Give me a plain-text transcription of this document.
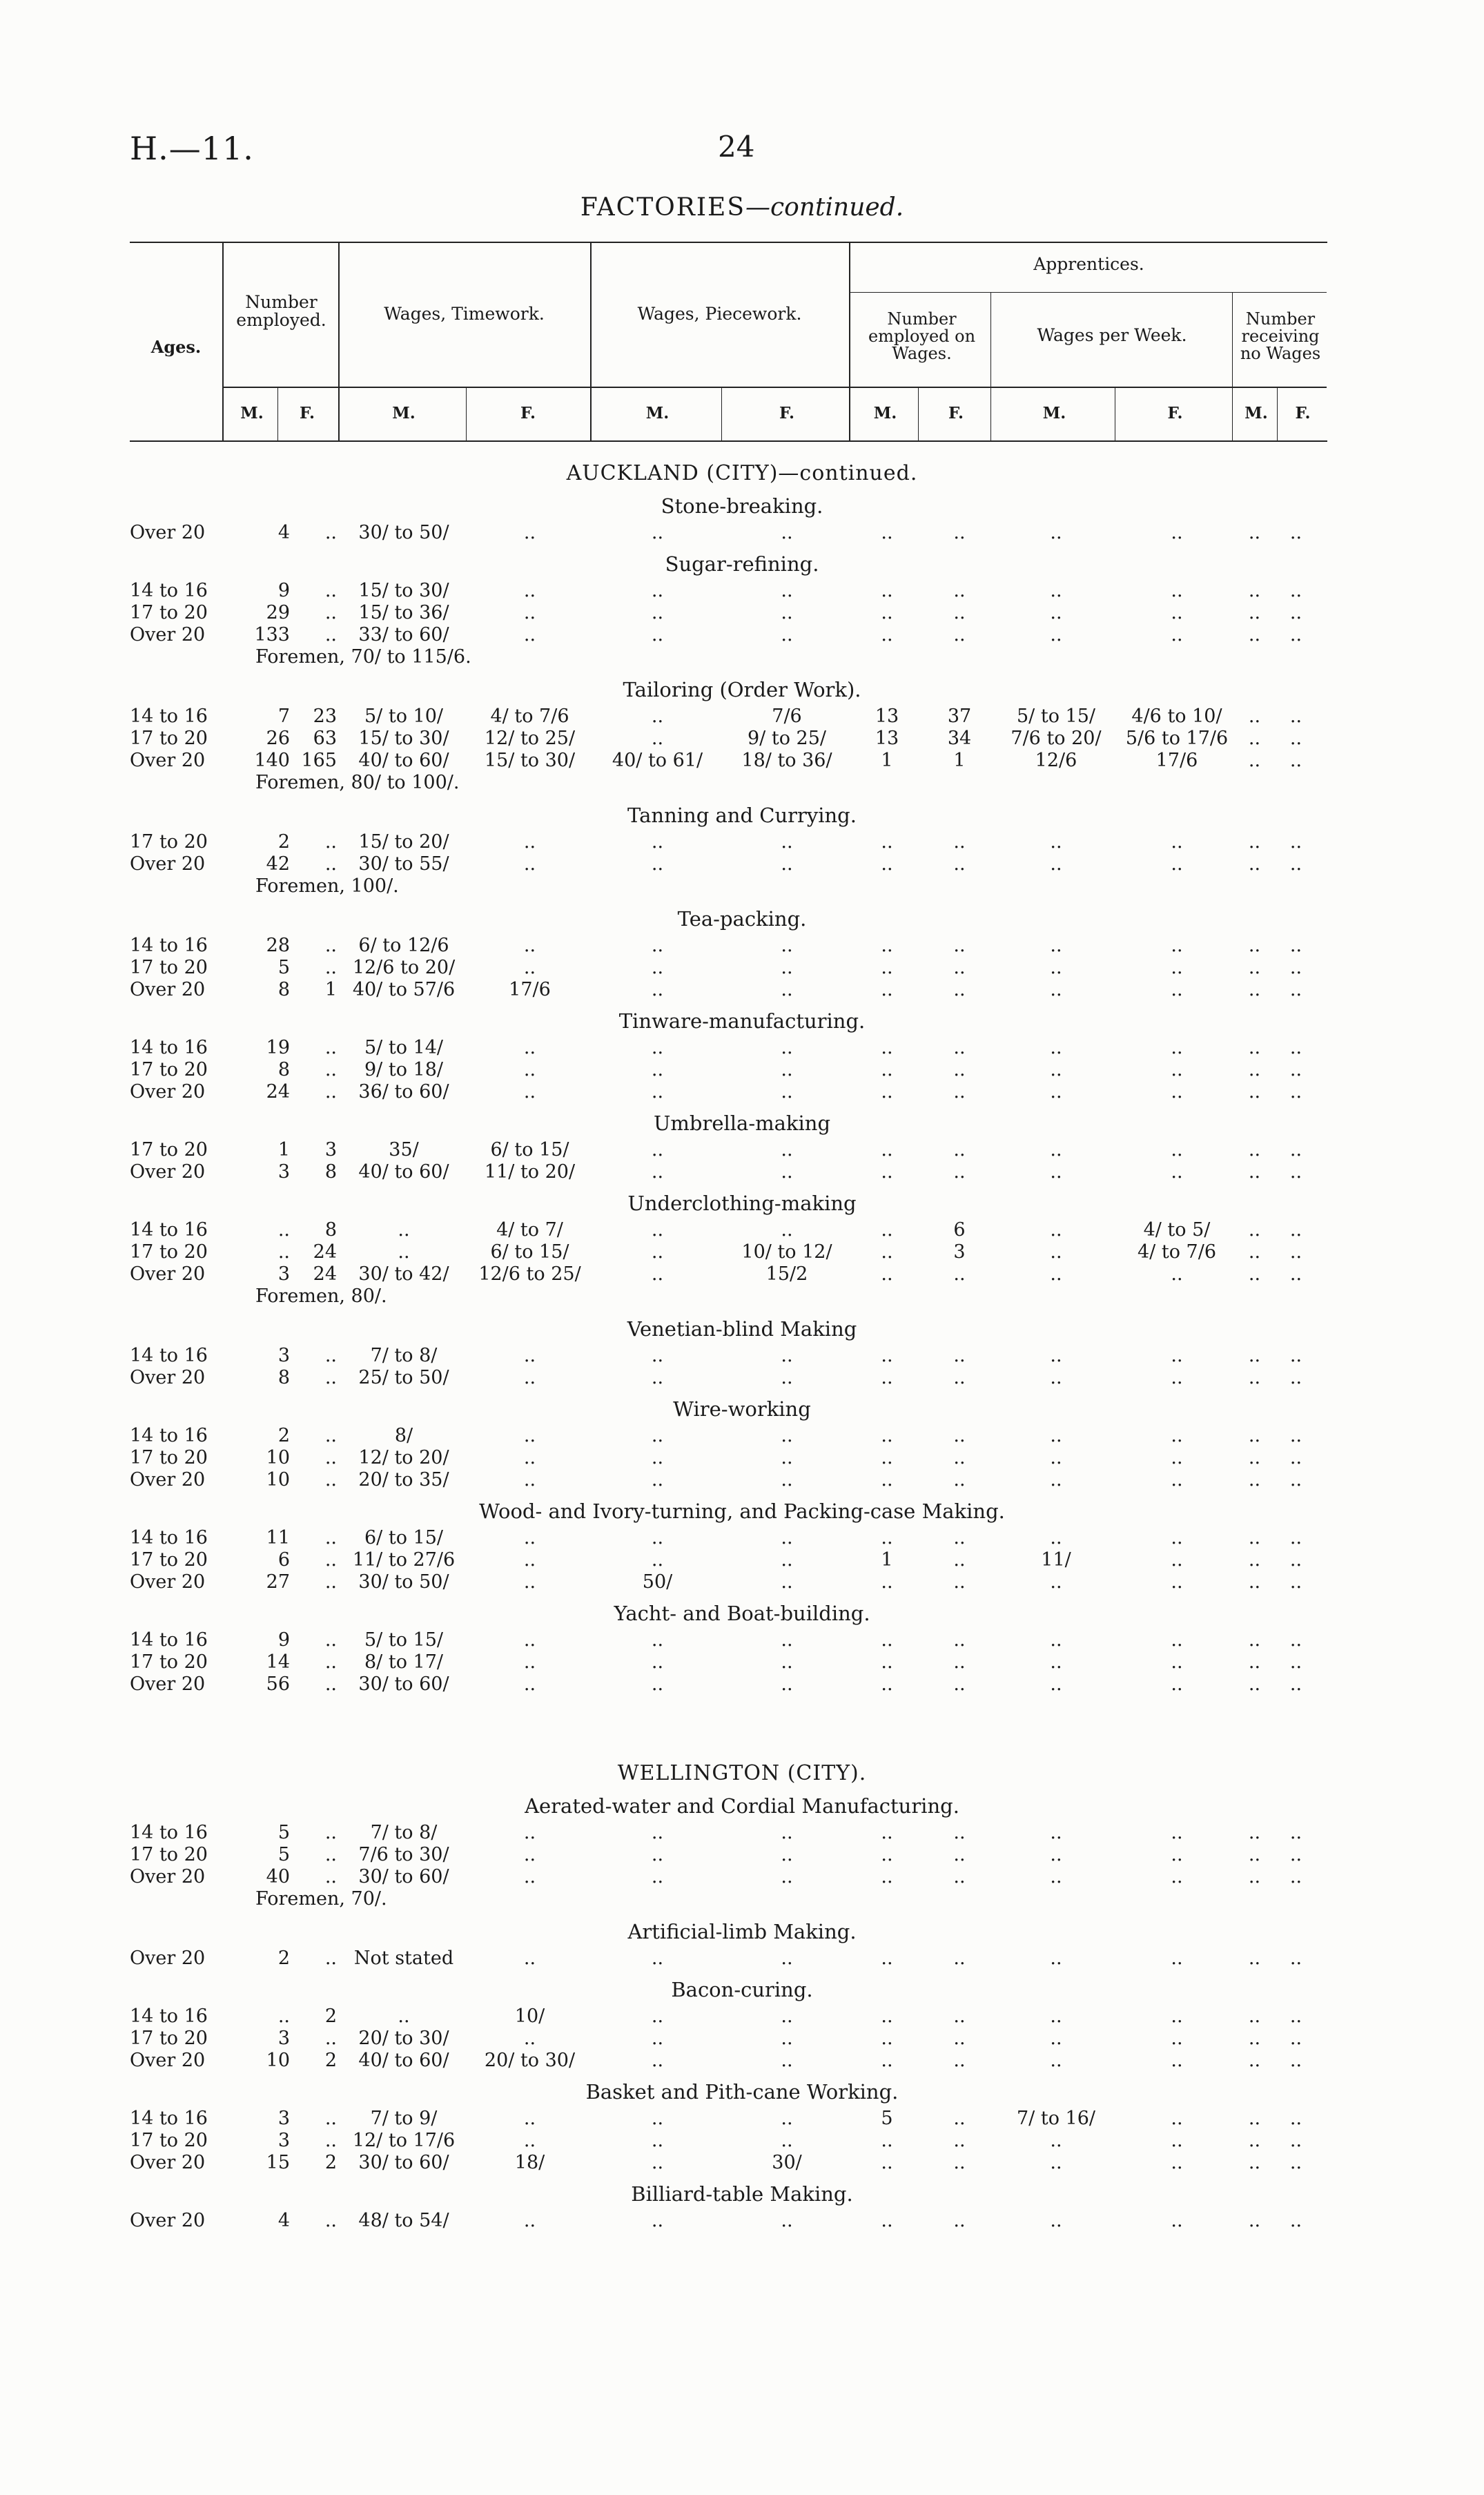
H.—11.	24
FACTORIES—continued.
Ages.
Number employed.	Wages, Timework.	Wages, Piecework.
Apprentices.
Number employed on Wages.
Wages per Week.
Number receiving no Wages
M.	F.	M.	F.	M.	F.	M.	F.	M.	F.	M.	F.
AUCKLAND (CITY)—continued.
Stone-breaking.
Over 20	4	..	30/ to 50/	..	..	..	..	..	..	..	..	..
Sugar-refining.
14 to 16	9	..	15/ to 30/	..	..	..	..	..	..	..	..	..
17 to 20	29	..	15/ to 36/	..	..	..	..	..	..	..	..	..
Over 20	133	..	33/ to 60/	..	..	..	..	..	..	..	..	..
Foremen, 70/ to 115/6.
Tailoring (Order Work).
14 to 16	7	23	5/ to 10/	4/ to 7/6	..	7/6	13	37	5/ to 15/	4/6 to 10/	..	..
17 to 20	26	63	15/ to 30/	12/ to 25/	..	9/ to 25/	13	34	7/6 to 20/	5/6 to 17/6	..	..
Over 20	140 165	40/ to 60/	15/ to 30/	40/ to 61/	18/ to 36/	1	1	12/6	17/6	..	..
Foremen, 80/ to 100/.
Tanning and Currying.
17 to 20	2	..	15/ to 20/	..	..	..	..	..	..	..	..	..
Over 20	42	..	30/ to 55/	..	..	..	..	..	..	..	..	..
Foremen, 100/.
Tea-packing.
14 to 16	28	..	6/ to 12/6	..	..	..	..	..	..	..	..	..
17 to 20	5	.. 12/6 to 20/	..	..	..	..	..	..	..	..	..
Over 20	8	1 40/ to 57/6	17/6	..	..	..	..	..	..	..	..
Tinware-manufacturing.
14 to 16	19	..	5/ to 14/	..	..	..	..	..	..	..	..	..
17 to 20	8	..	9/ to 18/	..	..	..	..	..	..	..	..	..
Over 20	24	..	36/ to 60/	..	..	..	..	..	..	..	..	..
Umbrella-making
17 to 20	1	3	35/	6/ to 15/	..	..	..	..	..	..	..	..
Over 20	3	8	40/ to 60/	11/ to 20/	..	..	..	..	..	..	..	..
Underclothing-making
14 to 16	..	8	..	4/ to 7/	..	..	..	6	..	4/ to 5/	..	..
17 to 20	..	24	..	6/ to 15/	..	10/ to 12/	..	3	..	4/ to 7/6	..	..
Over 20	3	24	30/ to 42/	12/6 to 25/	..	15/2	..	..	..	..	..	..
Foremen, 80/.
Venetian-blind Making
14 to 16	3	..	7/ to 8/	..	..	..	..	..	..	..	..	..
Over 20	8	..	25/ to 50/	..	..	..	..	..	..	..	..	..
Wire-working
14 to 16	2	..	8/	..	..	..	..	..	..	..	..	..
17 to 20	10	..	12/ to 20/	..	..	..	..	..	..	..	..	..
Over 20	10	..	20/ to 35/	..	..	..	..	..	..	..	..	..
Wood- and Ivory-turning, and Packing-case Making.
14 to 16	11	..	6/ to 15/	..	..	..	..	..	..	..	..	..
17 to 20	6	.. 11/ to 27/6	..	..	..	1	..	11/	..	..	..
Over 20	27	..	30/ to 50/	..	50/	..	..	..	..	..	..	..
Yacht- and Boat-building.
14 to 16	9	..	5/ to 15/	..	..	..	..	..	..	..	..	..
17 to 20	14	..	8/ to 17/	..	..	..	..	..	..	..	..	..
Over 20	56	..	30/ to 60/	..	..	..	..	..	..	..	..	..
WELLINGTON (CITY).
Aerated-water and Cordial Manufacturing.
14 to 16	5	..	7/ to 8/	..	..	..	..	..	..	..	..	..
17 to 20	5	..	7/6 to 30/	..	..	..	..	..	..	..	..	..
Over 20	40	..	30/ to 60/	..	..	..	..	..	..	..	..	..
Foremen, 70/.
Artificial-limb Making.
Over 20	2	.. Not stated	..	..	..	..	..	..	..	..	..
Bacon-curing.
14 to 16	..	2	..	10/	..	..	..	..	..	..	..	..
17 to 20	3	..	20/ to 30/	..	..	..	..	..	..	..	..	..
Over 20	10	2	40/ to 60/	20/ to 30/	..	..	..	..	..	..	..	..
Basket and Pith-cane Working.
14 to 16	3	..	7/ to 9/	..	..	..	5	..	7/ to 16/	..	..	..
17 to 20	3	.. 12/ to 17/6	..	..	..	..	..	..	..	..	..
Over 20	15	2	30/ to 60/	18/	..	30/	..	..	..	..	..	..
Billiard-table Making.
Over 20	4	..	48/ to 54/	..	..	..	..	..	..	..	..	..
